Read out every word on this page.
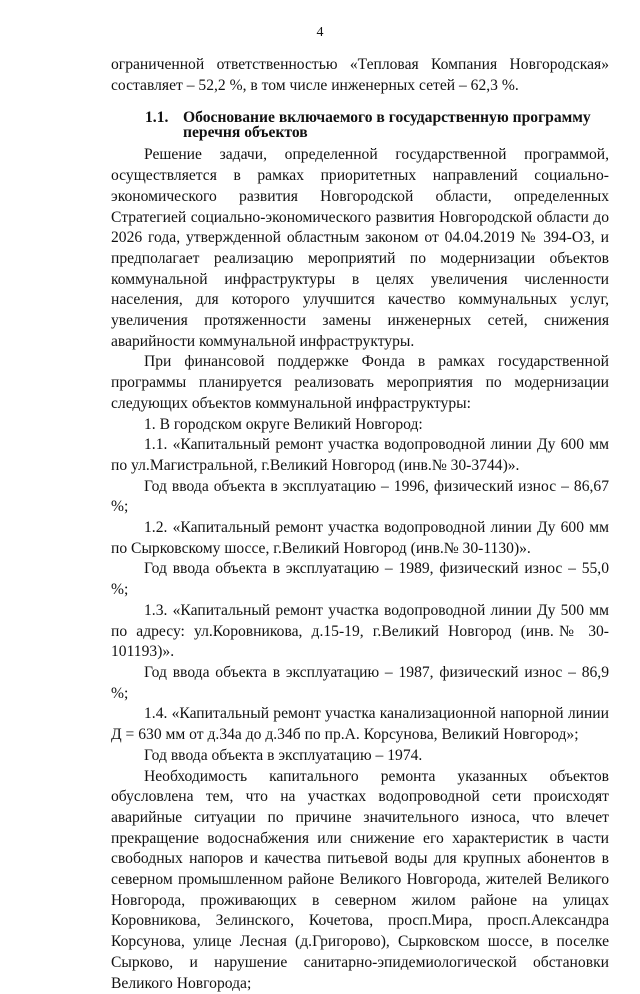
4

ограниченной ответственностью «Тепловая Компания Новгородская» составляет – 52,2 %, в том числе инженерных сетей – 62,3 %.

1.1. Обоснование включаемого в государственную программу перечня объектов

Решение задачи, определенной государственной программой, осуществляется в рамках приоритетных направлений социально-экономического развития Новгородской области, определенных Стратегией социально-экономического развития Новгородской области до 2026 года, утвержденной областным законом от 04.04.2019 № 394-ОЗ, и предполагает реализацию мероприятий по модернизации объектов коммунальной инфраструктуры в целях увеличения численности населения, для которого улучшится качество коммунальных услуг, увеличения протяженности замены инженерных сетей, снижения аварийности коммунальной инфраструктуры.

При финансовой поддержке Фонда в рамках государственной программы планируется реализовать мероприятия по модернизации следующих объектов коммунальной инфраструктуры:

1. В городском округе Великий Новгород:

1.1. «Капитальный ремонт участка водопроводной линии Ду 600 мм по ул.Магистральной, г.Великий Новгород (инв.№ 30-3744)».

Год ввода объекта в эксплуатацию – 1996, физический износ – 86,67 %;

1.2. «Капитальный ремонт участка водопроводной линии Ду 600 мм по Сырковскому шоссе, г.Великий Новгород (инв.№ 30-1130)».

Год ввода объекта в эксплуатацию – 1989, физический износ – 55,0 %;

1.3. «Капитальный ремонт участка водопроводной линии Ду 500 мм по адресу: ул.Коровникова, д.15-19, г.Великий Новгород (инв.№ 30-101193)».

Год ввода объекта в эксплуатацию – 1987, физический износ – 86,9 %;

1.4. «Капитальный ремонт участка канализационной напорной линии Д = 630 мм от д.34а до д.34б по пр.А. Корсунова, Великий Новгород»;

Год ввода объекта в эксплуатацию – 1974.

Необходимость капитального ремонта указанных объектов обусловлена тем, что на участках водопроводной сети происходят аварийные ситуации по причине значительного износа, что влечет прекращение водоснабжения или снижение его характеристик в части свободных напоров и качества питьевой воды для крупных абонентов в северном промышленном районе Великого Новгорода, жителей Великого Новгорода, проживающих в северном жилом районе на улицах Коровникова, Зелинского, Кочетова, просп.Мира, просп.Александра Корсунова, улице Лесная (д.Григорово), Сырковском шоссе, в поселке Сырково, и нарушение санитарно-эпидемиологической обстановки Великого Новгорода;
